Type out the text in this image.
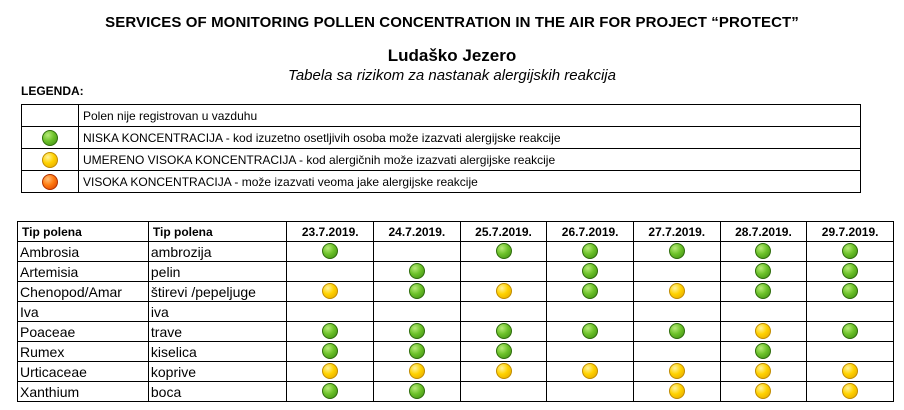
SERVICES OF MONITORING POLLEN CONCENTRATION IN THE AIR FOR PROJECT “PROTECT”
Ludaško Jezero
Tabela sa rizikom za nastanak alergijskih reakcija
LEGENDA:
	Polen nije registrovan u vazduhu
	NISKA KONCENTRACIJA - kod izuzetno osetljivih osoba može izazvati alergijske reakcije
	UMERENO VISOKA KONCENTRACIJA - kod alergičnih može izazvati alergijske reakcije
	VISOKA KONCENTRACIJA - može izazvati veoma jake alergijske reakcije
Tip polena	Tip polena	23.7.2019.	24.7.2019.	25.7.2019.	26.7.2019.	27.7.2019.	28.7.2019.	29.7.2019.
Ambrosia	ambrozija							
Artemisia	pelin							
Chenopod/Amar	štirevi /pepeljuge							
Iva	iva							
Poaceae	trave							
Rumex	kiselica							
Urticaceae	koprive							
Xanthium	boca							
